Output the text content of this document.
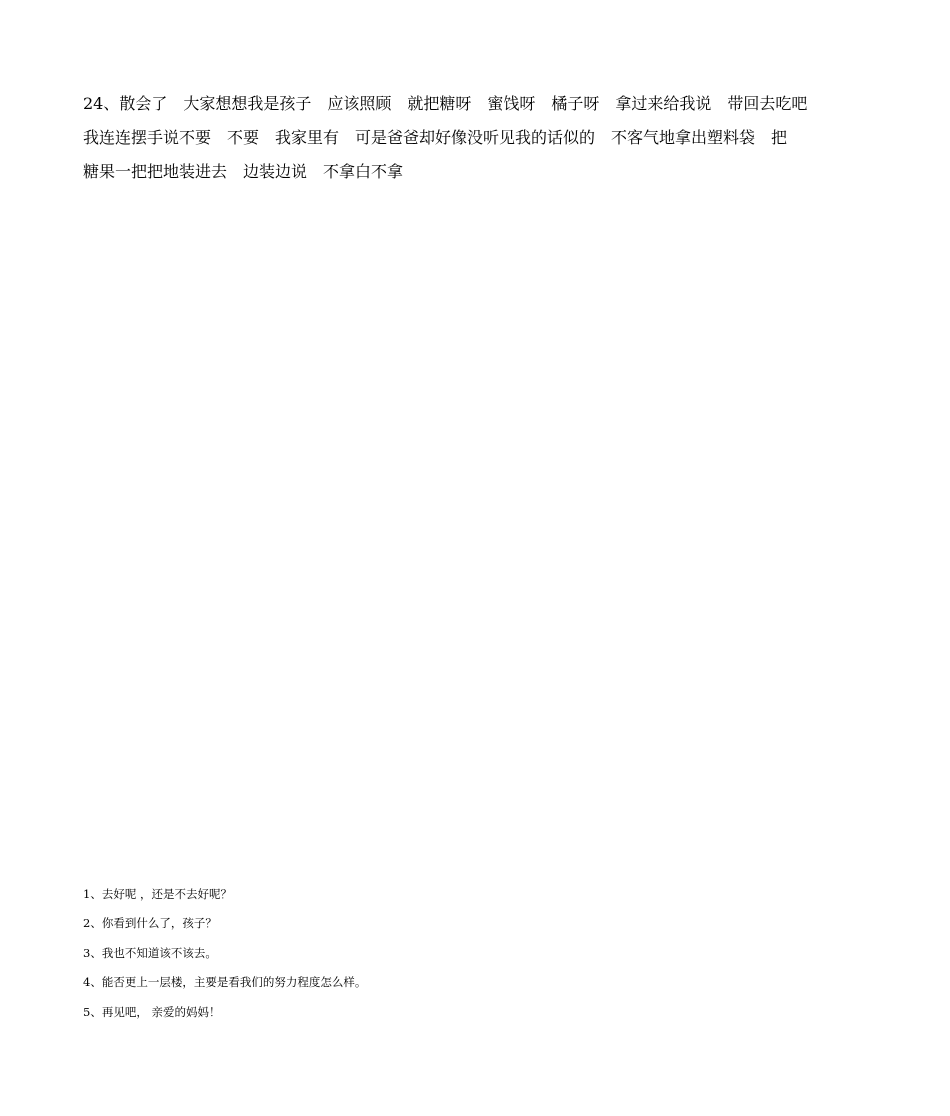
24、散会了　大家想想我是孩子　应该照顾　就把糖呀　蜜饯呀　橘子呀　拿过来给我说　带回去吃吧
我连连摆手说不要　不要　我家里有　可是爸爸却好像没听见我的话似的　不客气地拿出塑料袋　把
糖果一把把地装进去　边装边说　不拿白不拿

1、去好呢 ，还是不去好呢？
2、你看到什么了，孩子？
3、我也不知道该不该去。
4、能否更上一层楼，主要是看我们的努力程度怎么样。
5、再见吧， 亲爱的妈妈！
